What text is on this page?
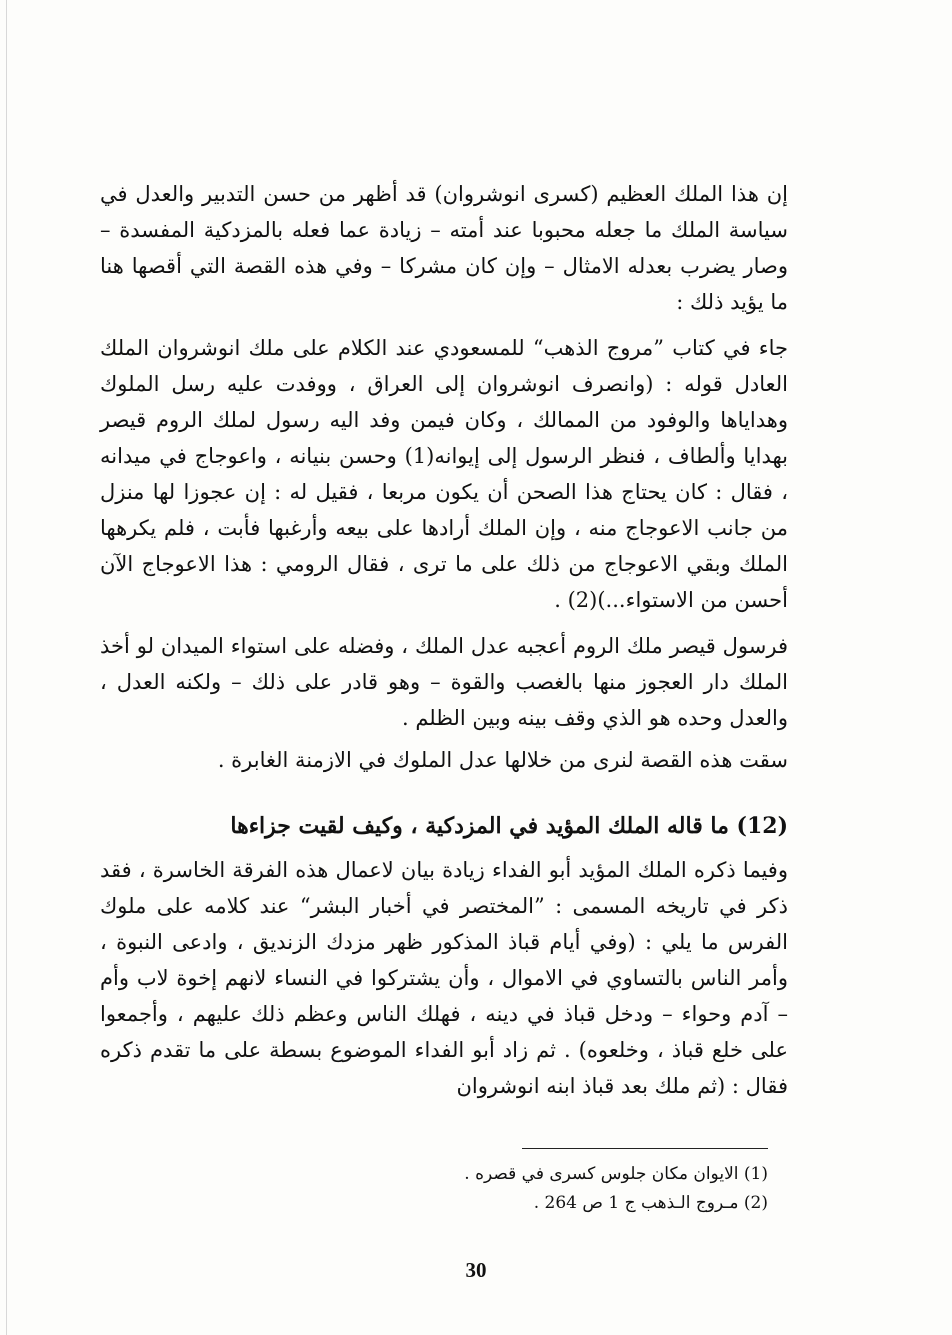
إن هذا الملك العظيم (كسرى انوشروان) قد أظهر من حسن التدبير والعدل في سياسة الملك ما جعله محبوبا عند أمته – زيادة عما فعله بالمزدكية المفسدة – وصار يضرب بعدله الامثال – وإن كان مشركا – وفي هذه القصة التي أقصها هنا ما يؤيد ذلك :

جاء في كتاب ”مروج الذهب“ للمسعودي عند الكلام على ملك انوشروان الملك العادل قوله : (وانصرف انوشروان إلى العراق ، ووفدت عليه رسل الملوك وهداياها والوفود من الممالك ، وكان فيمن وفد اليه رسول لملك الروم قيصر بهدايا وألطاف ، فنظر الرسول إلى إيوانه(1) وحسن بنيانه ، واعوجاج في ميدانه ، فقال : كان يحتاج هذا الصحن أن يكون مربعا ، فقيل له : إن عجوزا لها منزل من جانب الاعوجاج منه ، وإن الملك أرادها على بيعه وأرغبها فأبت ، فلم يكرهها الملك وبقي الاعوجاج من ذلك على ما ترى ، فقال الرومي : هذا الاعوجاج الآن أحسن من الاستواء...)(2) .

فرسول قيصر ملك الروم أعجبه عدل الملك ، وفضله على استواء الميدان لو أخذ الملك دار العجوز منها بالغصب والقوة – وهو قادر على ذلك – ولكنه العدل ، والعدل وحده هو الذي وقف بينه وبين الظلم .

سقت هذه القصة لنرى من خلالها عدل الملوك في الازمنة الغابرة .

(12) ما قاله الملك المؤيد في المزدكية ، وكيف لقيت جزاءها

وفيما ذكره الملك المؤيد أبو الفداء زيادة بيان لاعمال هذه الفرقة الخاسرة ، فقد ذكر في تاريخه المسمى : ”المختصر في أخبار البشر“ عند كلامه على ملوك الفرس ما يلي : (وفي أيام قباذ المذكور ظهر مزدك الزنديق ، وادعى النبوة ، وأمر الناس بالتساوي في الاموال ، وأن يشتركوا في النساء لانهم إخوة لاب وأم – آدم وحواء – ودخل قباذ في دينه ، فهلك الناس وعظم ذلك عليهم ، وأجمعوا على خلع قباذ ، وخلعوه) . ثم زاد أبو الفداء الموضوع بسطة على ما تقدم ذكره فقال : (ثم ملك بعد قباذ ابنه انوشروان

(1) الايوان مكان جلوس كسرى في قصره .

(2) مـروج الـذهب ج 1 ص 264 .

30
